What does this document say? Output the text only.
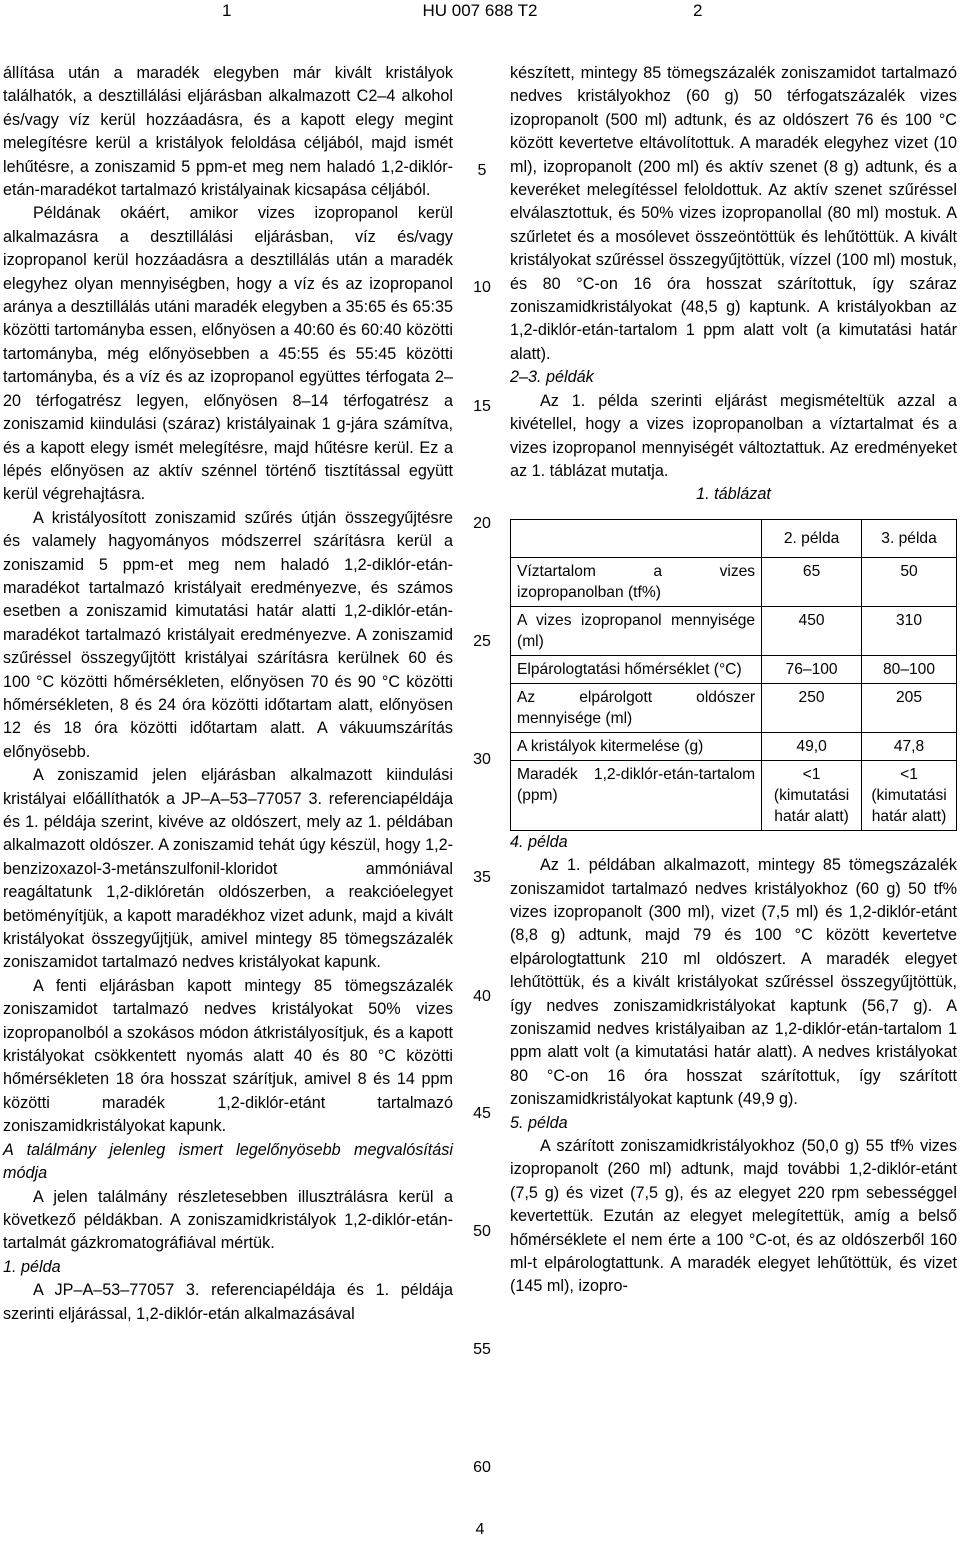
1	HU 007 688 T2	2

állítása után a maradék elegyben már kivált kristályok találhatók, a desztillálási eljárásban alkalmazott C2–4 alkohol és/vagy víz kerül hozzáadásra, és a kapott elegy megint melegítésre kerül a kristályok feloldása céljából, majd ismét lehűtésre, a zoniszamid 5 ppm-et meg nem haladó 1,2-diklór-etán-maradékot tartalmazó kristályainak kicsapása céljából.

Példának okáért, amikor vizes izopropanol kerül alkalmazásra a desztillálási eljárásban, víz és/vagy izopropanol kerül hozzáadásra a desztillálás után a maradék elegyhez olyan mennyiségben, hogy a víz és az izopropanol aránya a desztillálás utáni maradék elegyben a 35:65 és 65:35 közötti tartományba essen, előnyösen a 40:60 és 60:40 közötti tartományba, még előnyösebben a 45:55 és 55:45 közötti tartományba, és a víz és az izopropanol együttes térfogata 2–20 térfogatrész legyen, előnyösen 8–14 térfogatrész a zoniszamid kiindulási (száraz) kristályainak 1 g-jára számítva, és a kapott elegy ismét melegítésre, majd hűtésre kerül. Ez a lépés előnyösen az aktív szénnel történő tisztítással együtt kerül végrehajtásra.

A kristályosított zoniszamid szűrés útján összegyűjtésre és valamely hagyományos módszerrel szárításra kerül a zoniszamid 5 ppm-et meg nem haladó 1,2-diklór-etán-maradékot tartalmazó kristályait eredményezve, és számos esetben a zoniszamid kimutatási határ alatti 1,2-diklór-etán-maradékot tartalmazó kristályait eredményezve. A zoniszamid szűréssel összegyűjtött kristályai szárításra kerülnek 60 és 100 °C közötti hőmérsékleten, előnyösen 70 és 90 °C közötti hőmérsékleten, 8 és 24 óra közötti időtartam alatt, előnyösen 12 és 18 óra közötti időtartam alatt. A vákuumszárítás előnyösebb.

A zoniszamid jelen eljárásban alkalmazott kiindulási kristályai előállíthatók a JP–A–53–77057 3. referenciapéldája és 1. példája szerint, kivéve az oldószert, mely az 1. példában alkalmazott oldószer. A zoniszamid tehát úgy készül, hogy 1,2-benzizoxazol-3-metánszulfonil-kloridot ammóniával reagáltatunk 1,2-diklóretán oldószerben, a reakcióelegyet betöményítjük, a kapott maradékhoz vizet adunk, majd a kivált kristályokat összegyűjtjük, amivel mintegy 85 tömegszázalék zoniszamidot tartalmazó nedves kristályokat kapunk.

A fenti eljárásban kapott mintegy 85 tömegszázalék zoniszamidot tartalmazó nedves kristályokat 50% vizes izopropanolból a szokásos módon átkristályosítjuk, és a kapott kristályokat csökkentett nyomás alatt 40 és 80 °C közötti hőmérsékleten 18 óra hosszat szárítjuk, amivel 8 és 14 ppm közötti maradék 1,2-diklór-etánt tartalmazó zoniszamidkristályokat kapunk.

A találmány jelenleg ismert legelőnyösebb megvalósítási módja

A jelen találmány részletesebben illusztrálásra kerül a következő példákban. A zoniszamidkristályok 1,2-diklór-etán-tartalmát gázkromatográfiával mértük.

1. példa

A JP–A–53–77057 3. referenciapéldája és 1. példája szerinti eljárással, 1,2-diklór-etán alkalmazásával

5
10
15
20
25
30
35
40
45
50
55
60

készített, mintegy 85 tömegszázalék zoniszamidot tartalmazó nedves kristályokhoz (60 g) 50 térfogatszázalék vizes izopropanolt (500 ml) adtunk, és az oldószert 76 és 100 °C között kevertetve eltávolítottuk. A maradék elegyhez vizet (10 ml), izopropanolt (200 ml) és aktív szenet (8 g) adtunk, és a keveréket melegítéssel feloldottuk. Az aktív szenet szűréssel elválasztottuk, és 50% vizes izopropanollal (80 ml) mostuk. A szűrletet és a mosólevet összeöntöttük és lehűtöttük. A kivált kristályokat szűréssel összegyűjtöttük, vízzel (100 ml) mostuk, és 80 °C-on 16 óra hosszat szárítottuk, így száraz zoniszamidkristályokat (48,5 g) kaptunk. A kristályokban az 1,2-diklór-etán-tartalom 1 ppm alatt volt (a kimutatási határ alatt).

2–3. példák

Az 1. példa szerinti eljárást megismételtük azzal a kivétellel, hogy a vizes izopropanolban a víztartalmat és a vizes izopropanol mennyiségét változtattuk. Az eredményeket az 1. táblázat mutatja.

1. táblázat

	2. példa	3. példa
Víztartalom a vizes izopropanolban (tf%)	65	50
A vizes izopropanol mennyisége (ml)	450	310
Elpárologtatási hőmérséklet (°C)	76–100	80–100
Az elpárolgott oldószer mennyisége (ml)	250	205
A kristályok kitermelése (g)	49,0	47,8
Maradék 1,2-diklór-etán-tartalom (ppm)	<1 (kimutatási határ alatt)	<1 (kimutatási határ alatt)

4. példa

Az 1. példában alkalmazott, mintegy 85 tömegszázalék zoniszamidot tartalmazó nedves kristályokhoz (60 g) 50 tf% vizes izopropanolt (300 ml), vizet (7,5 ml) és 1,2-diklór-etánt (8,8 g) adtunk, majd 79 és 100 °C között kevertetve elpárologtattunk 210 ml oldószert. A maradék elegyet lehűtöttük, és a kivált kristályokat szűréssel összegyűjtöttük, így nedves zoniszamidkristályokat kaptunk (56,7 g). A zoniszamid nedves kristályaiban az 1,2-diklór-etán-tartalom 1 ppm alatt volt (a kimutatási határ alatt). A nedves kristályokat 80 °C-on 16 óra hosszat szárítottuk, így szárított zoniszamidkristályokat kaptunk (49,9 g).

5. példa

A szárított zoniszamidkristályokhoz (50,0 g) 55 tf% vizes izopropanolt (260 ml) adtunk, majd további 1,2-diklór-etánt (7,5 g) és vizet (7,5 g), és az elegyet 220 rpm sebességgel kevertettük. Ezután az elegyet melegítettük, amíg a belső hőmérséklete el nem érte a 100 °C-ot, és az oldószerből 160 ml-t elpárologtattunk. A maradék elegyet lehűtöttük, és vizet (145 ml), izopro-

4
